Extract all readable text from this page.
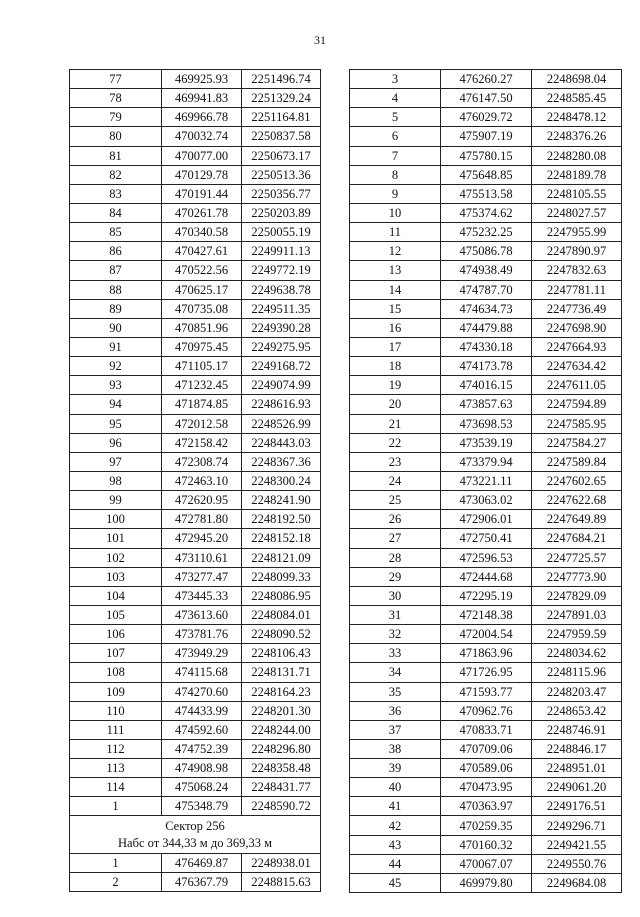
31
77	469925.93	2251496.74
78	469941.83	2251329.24
79	469966.78	2251164.81
80	470032.74	2250837.58
81	470077.00	2250673.17
82	470129.78	2250513.36
83	470191.44	2250356.77
84	470261.78	2250203.89
85	470340.58	2250055.19
86	470427.61	2249911.13
87	470522.56	2249772.19
88	470625.17	2249638.78
89	470735.08	2249511.35
90	470851.96	2249390.28
91	470975.45	2249275.95
92	471105.17	2249168.72
93	471232.45	2249074.99
94	471874.85	2248616.93
95	472012.58	2248526.99
96	472158.42	2248443.03
97	472308.74	2248367.36
98	472463.10	2248300.24
99	472620.95	2248241.90
100	472781.80	2248192.50
101	472945.20	2248152.18
102	473110.61	2248121.09
103	473277.47	2248099.33
104	473445.33	2248086.95
105	473613.60	2248084.01
106	473781.76	2248090.52
107	473949.29	2248106.43
108	474115.68	2248131.71
109	474270.60	2248164.23
110	474433.99	2248201.30
111	474592.60	2248244.00
112	474752.39	2248296.80
113	474908.98	2248358.48
114	475068.24	2248431.77
1	475348.79	2248590.72

Сектор 256
Набс от 344,33 м до 369,33 м		

1	476469.87	2248938.01
2	476367.79	2248815.63
3	476260.27	2248698.04
4	476147.50	2248585.45
5	476029.72	2248478.12
6	475907.19	2248376.26
7	475780.15	2248280.08
8	475648.85	2248189.78
9	475513.58	2248105.55
10	475374.62	2248027.57
11	475232.25	2247955.99
12	475086.78	2247890.97
13	474938.49	2247832.63
14	474787.70	2247781.11
15	474634.73	2247736.49
16	474479.88	2247698.90
17	474330.18	2247664.93
18	474173.78	2247634.42
19	474016.15	2247611.05
20	473857.63	2247594.89
21	473698.53	2247585.95
22	473539.19	2247584.27
23	473379.94	2247589.84
24	473221.11	2247602.65
25	473063.02	2247622.68
26	472906.01	2247649.89
27	472750.41	2247684.21
28	472596.53	2247725.57
29	472444.68	2247773.90
30	472295.19	2247829.09
31	472148.38	2247891.03
32	472004.54	2247959.59
33	471863.96	2248034.62
34	471726.95	2248115.96
35	471593.77	2248203.47
36	470962.76	2248653.42
37	470833.71	2248746.91
38	470709.06	2248846.17
39	470589.06	2248951.01
40	470473.95	2249061.20
41	470363.97	2249176.51
42	470259.35	2249296.71
43	470160.32	2249421.55
44	470067.07	2249550.76
45	469979.80	2249684.08
